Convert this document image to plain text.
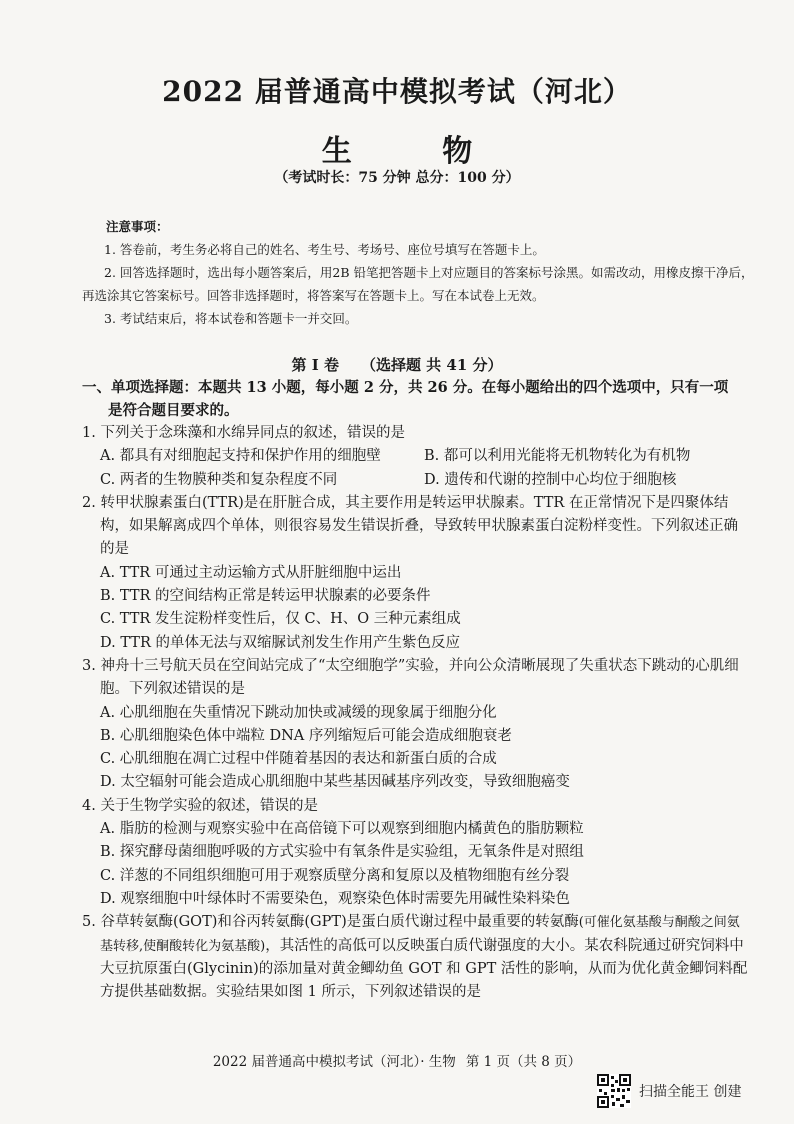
2022 届普通高中模拟考试（河北）
生 物
（考试时长：75 分钟 总分：100 分）
注意事项：
1. 答卷前，考生务必将自己的姓名、考生号、考场号、座位号填写在答题卡上。
2. 回答选择题时，选出每小题答案后，用2B 铅笔把答题卡上对应题目的答案标号涂黑。如需改动，用橡皮擦干净后，再选涂其它答案标号。回答非选择题时，将答案写在答题卡上。写在本试卷上无效。
3. 考试结束后，将本试卷和答题卡一并交回。
第 I 卷 （选择题 共 41 分）
一、单项选择题：本题共 13 小题，每小题 2 分，共 26 分。在每小题给出的四个选项中，只有一项
是符合题目要求的。
1. 下列关于念珠藻和水绵异同点的叙述，错误的是
A. 都具有对细胞起支持和保护作用的细胞壁	B. 都可以利用光能将无机物转化为有机物
C. 两者的生物膜种类和复杂程度不同	D. 遗传和代谢的控制中心均位于细胞核
2. 转甲状腺素蛋白(TTR)是在肝脏合成，其主要作用是转运甲状腺素。TTR 在正常情况下是四聚体结构，如果解离成四个单体，则很容易发生错误折叠，导致转甲状腺素蛋白淀粉样变性。下列叙述正确的是
A. TTR 可通过主动运输方式从肝脏细胞中运出
B. TTR 的空间结构正常是转运甲状腺素的必要条件
C. TTR 发生淀粉样变性后，仅 C、H、O 三种元素组成
D. TTR 的单体无法与双缩脲试剂发生作用产生紫色反应
3. 神舟十三号航天员在空间站完成了“太空细胞学”实验，并向公众清晰展现了失重状态下跳动的心肌细胞。下列叙述错误的是
A. 心肌细胞在失重情况下跳动加快或减缓的现象属于细胞分化
B. 心肌细胞染色体中端粒 DNA 序列缩短后可能会造成细胞衰老
C. 心肌细胞在凋亡过程中伴随着基因的表达和新蛋白质的合成
D. 太空辐射可能会造成心肌细胞中某些基因碱基序列改变，导致细胞癌变
4. 关于生物学实验的叙述，错误的是
A. 脂肪的检测与观察实验中在高倍镜下可以观察到细胞内橘黄色的脂肪颗粒
B. 探究酵母菌细胞呼吸的方式实验中有氧条件是实验组，无氧条件是对照组
C. 洋葱的不同组织细胞可用于观察质壁分离和复原以及植物细胞有丝分裂
D. 观察细胞中叶绿体时不需要染色，观察染色体时需要先用碱性染料染色
5. 谷草转氨酶(GOT)和谷丙转氨酶(GPT)是蛋白质代谢过程中最重要的转氨酶(可催化氨基酸与酮酸之间氨基转移,使酮酸转化为氨基酸)，其活性的高低可以反映蛋白质代谢强度的大小。某农科院通过研究饲料中大豆抗原蛋白(Glycinin)的添加量对黄金鲫幼鱼 GOT 和 GPT 活性的影响，从而为优化黄金鲫饲料配方提供基础数据。实验结果如图 1 所示，下列叙述错误的是
2022 届普通高中模拟考试（河北）· 生物 第 1 页（共 8 页）
扫描全能王 创建
